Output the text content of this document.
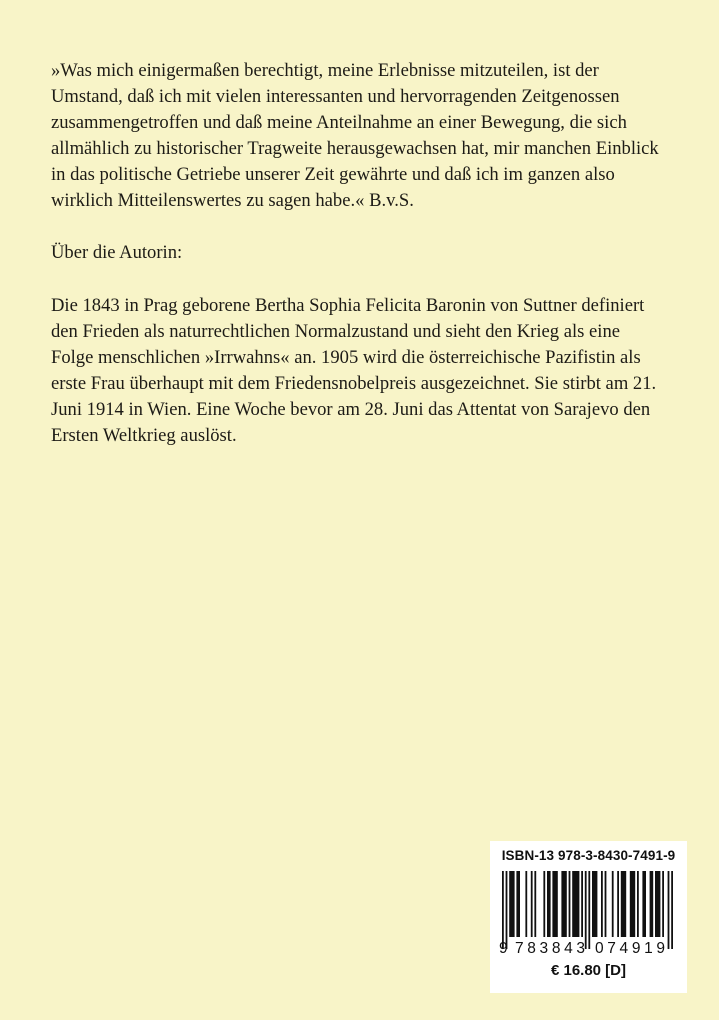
»Was mich einigermaßen berechtigt, meine Erlebnisse mitzuteilen, ist der

Umstand, daß ich mit vielen interessanten und hervorragenden Zeitgenossen

zusammengetroffen und daß meine Anteilnahme an einer Bewegung, die sich

allmählich zu historischer Tragweite herausgewachsen hat, mir manchen Einblick

in das politische Getriebe unserer Zeit gewährte und daß ich im ganzen also

wirklich Mitteilenswertes zu sagen habe.« B.v.S.

Über die Autorin:

Die 1843 in Prag geborene Bertha Sophia Felicita Baronin von Suttner definiert

den Frieden als naturrechtlichen Normalzustand und sieht den Krieg als eine

Folge menschlichen »Irrwahns« an. 1905 wird die österreichische Pazifistin als

erste Frau überhaupt mit dem Friedensnobelpreis ausgezeichnet. Sie stirbt am 21.

Juni 1914 in Wien. Eine Woche bevor am 28. Juni das Attentat von Sarajevo den

Ersten Weltkrieg auslöst.

ISBN-13 978-3-8430-7491-9
9 783843 074919
€ 16.80 [D]
